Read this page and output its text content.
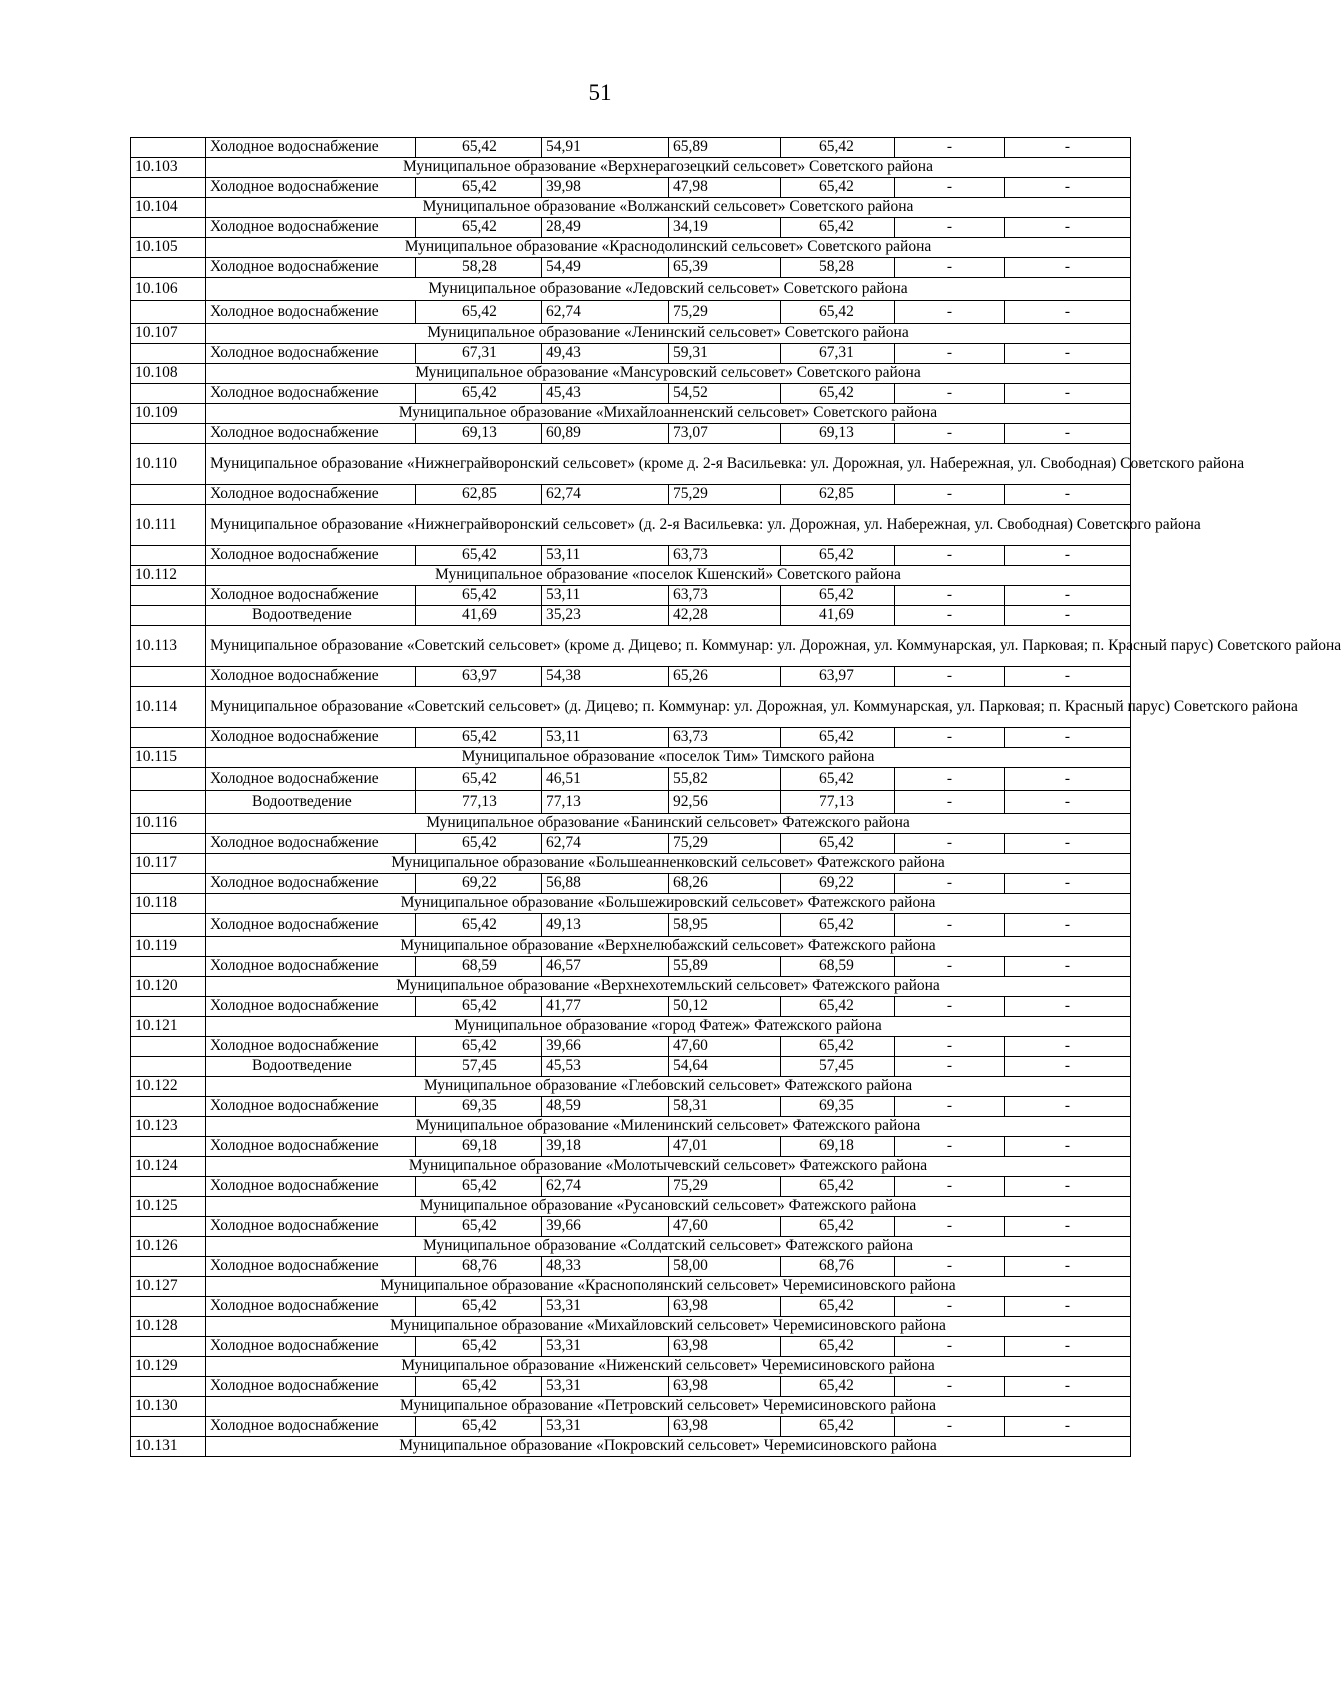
51
	Холодное водоснабжение	65,42	54,91	65,89	65,42	-	-
10.103	Муниципальное образование «Верхнерагозецкий сельсовет» Советского района						
	Холодное водоснабжение	65,42	39,98	47,98	65,42	-	-
10.104	Муниципальное образование «Волжанский сельсовет» Советского района						
	Холодное водоснабжение	65,42	28,49	34,19	65,42	-	-
10.105	Муниципальное образование «Краснодолинский сельсовет» Советского района						
	Холодное водоснабжение	58,28	54,49	65,39	58,28	-	-
10.106	Муниципальное образование «Ледовский сельсовет» Советского района						
	Холодное водоснабжение	65,42	62,74	75,29	65,42	-	-
10.107	Муниципальное образование «Ленинский сельсовет» Советского района						
	Холодное водоснабжение	67,31	49,43	59,31	67,31	-	-
10.108	Муниципальное образование «Мансуровский сельсовет» Советского района						
	Холодное водоснабжение	65,42	45,43	54,52	65,42	-	-
10.109	Муниципальное образование «Михайлоанненский сельсовет» Советского района						
	Холодное водоснабжение	69,13	60,89	73,07	69,13	-	-
10.110	Муниципальное образование «Нижнеграйворонский сельсовет» (кроме д. 2-я Васильевка: ул. Дорожная, ул. Набережная, ул. Свободная) Советского района						
	Холодное водоснабжение	62,85	62,74	75,29	62,85	-	-
10.111	Муниципальное образование «Нижнеграйворонский сельсовет» (д. 2-я Васильевка: ул. Дорожная, ул. Набережная, ул. Свободная) Советского района						
	Холодное водоснабжение	65,42	53,11	63,73	65,42	-	-
10.112	Муниципальное образование «поселок Кшенский» Советского района						
	Холодное водоснабжение	65,42	53,11	63,73	65,42	-	-
	Водоотведение	41,69	35,23	42,28	41,69	-	-
10.113	Муниципальное образование «Советский сельсовет» (кроме д. Дицево; п. Коммунар: ул. Дорожная, ул. Коммунарская, ул. Парковая; п. Красный парус) Советского района						
	Холодное водоснабжение	63,97	54,38	65,26	63,97	-	-
10.114	Муниципальное образование «Советский сельсовет» (д. Дицево; п. Коммунар: ул. Дорожная, ул. Коммунарская, ул. Парковая; п. Красный парус) Советского района						
	Холодное водоснабжение	65,42	53,11	63,73	65,42	-	-
10.115	Муниципальное образование «поселок Тим» Тимского района						
	Холодное водоснабжение	65,42	46,51	55,82	65,42	-	-
	Водоотведение	77,13	77,13	92,56	77,13	-	-
10.116	Муниципальное образование «Банинский сельсовет» Фатежского района						
	Холодное водоснабжение	65,42	62,74	75,29	65,42	-	-
10.117	Муниципальное образование «Большеанненковский сельсовет» Фатежского района						
	Холодное водоснабжение	69,22	56,88	68,26	69,22	-	-
10.118	Муниципальное образование «Большежировский сельсовет» Фатежского района						
	Холодное водоснабжение	65,42	49,13	58,95	65,42	-	-
10.119	Муниципальное образование «Верхнелюбажский сельсовет» Фатежского района						
	Холодное водоснабжение	68,59	46,57	55,89	68,59	-	-
10.120	Муниципальное образование «Верхнехотемльский сельсовет» Фатежского района						
	Холодное водоснабжение	65,42	41,77	50,12	65,42	-	-
10.121	Муниципальное образование «город Фатеж» Фатежского района						
	Холодное водоснабжение	65,42	39,66	47,60	65,42	-	-
	Водоотведение	57,45	45,53	54,64	57,45	-	-
10.122	Муниципальное образование «Глебовский сельсовет» Фатежского района						
	Холодное водоснабжение	69,35	48,59	58,31	69,35	-	-
10.123	Муниципальное образование «Миленинский сельсовет» Фатежского района						
	Холодное водоснабжение	69,18	39,18	47,01	69,18	-	-
10.124	Муниципальное образование «Молотычевский сельсовет» Фатежского района						
	Холодное водоснабжение	65,42	62,74	75,29	65,42	-	-
10.125	Муниципальное образование «Русановский сельсовет» Фатежского района						
	Холодное водоснабжение	65,42	39,66	47,60	65,42	-	-
10.126	Муниципальное образование «Солдатский сельсовет» Фатежского района						
	Холодное водоснабжение	68,76	48,33	58,00	68,76	-	-
10.127	Муниципальное образование «Краснополянский сельсовет» Черемисиновского района						
	Холодное водоснабжение	65,42	53,31	63,98	65,42	-	-
10.128	Муниципальное образование «Михайловский сельсовет» Черемисиновского района						
	Холодное водоснабжение	65,42	53,31	63,98	65,42	-	-
10.129	Муниципальное образование «Ниженский сельсовет» Черемисиновского района						
	Холодное водоснабжение	65,42	53,31	63,98	65,42	-	-
10.130	Муниципальное образование «Петровский сельсовет» Черемисиновского района						
	Холодное водоснабжение	65,42	53,31	63,98	65,42	-	-
10.131	Муниципальное образование «Покровский сельсовет» Черемисиновского района						
